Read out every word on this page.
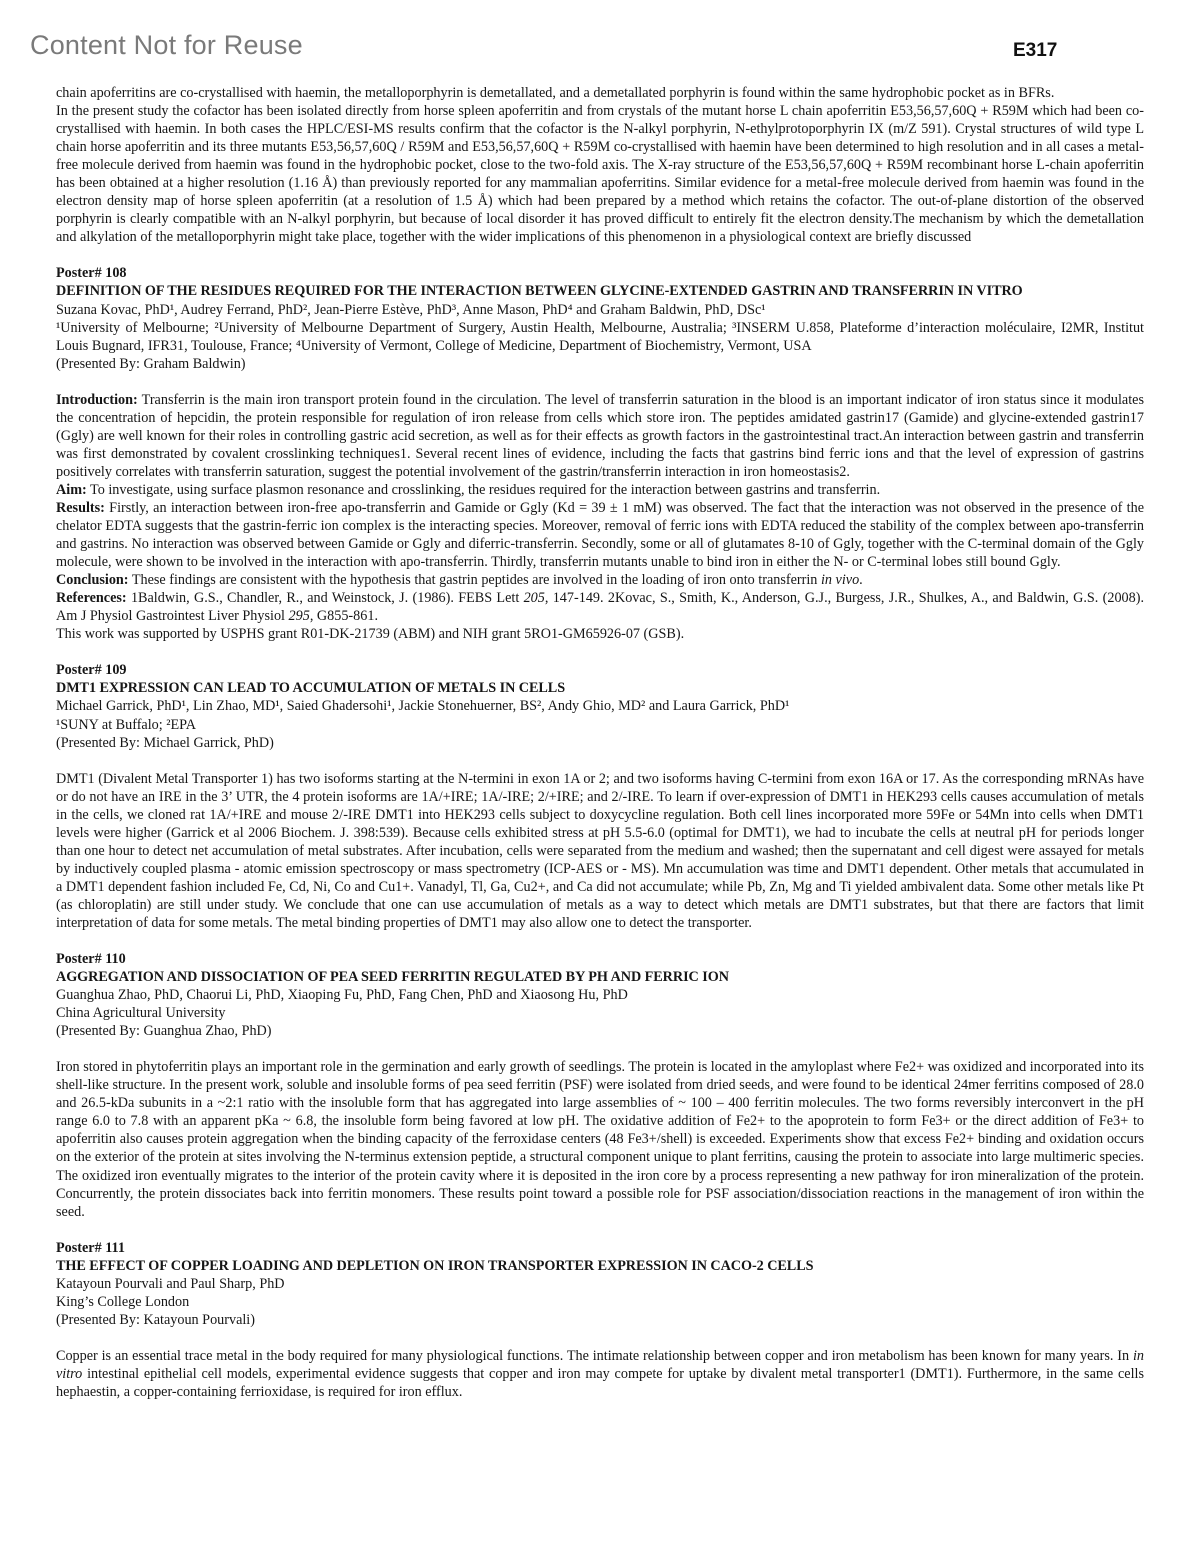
Content Not for Reuse	E317

chain apoferritins are co-crystallised with haemin, the metalloporphyrin is demetallated, and a demetallated porphyrin is found within the same hydrophobic pocket as in BFRs.

In the present study the cofactor has been isolated directly from horse spleen apoferritin and from crystals of the mutant horse L chain apoferritin E53,56,57,60Q + R59M which had been co-crystallised with haemin. In both cases the HPLC/ESI-MS results confirm that the cofactor is the N-alkyl porphyrin, N-ethylprotoporphyrin IX (m/Z 591). Crystal structures of wild type L chain horse apoferritin and its three mutants E53,56,57,60Q / R59M and E53,56,57,60Q + R59M co-crystallised with haemin have been determined to high resolution and in all cases a metal-free molecule derived from haemin was found in the hydrophobic pocket, close to the two-fold axis. The X-ray structure of the E53,56,57,60Q + R59M recombinant horse L-chain apoferritin has been obtained at a higher resolution (1.16 Å) than previously reported for any mammalian apoferritins. Similar evidence for a metal-free molecule derived from haemin was found in the electron density map of horse spleen apoferritin (at a resolution of 1.5 Å) which had been prepared by a method which retains the cofactor. The out-of-plane distortion of the observed porphyrin is clearly compatible with an N-alkyl porphyrin, but because of local disorder it has proved difficult to entirely fit the electron density.The mechanism by which the demetallation and alkylation of the metalloporphyrin might take place, together with the wider implications of this phenomenon in a physiological context are briefly discussed

Poster# 108

DEFINITION OF THE RESIDUES REQUIRED FOR THE INTERACTION BETWEEN GLYCINE-EXTENDED GASTRIN AND TRANSFERRIN IN VITRO

Suzana Kovac, PhD¹, Audrey Ferrand, PhD², Jean-Pierre Estève, PhD³, Anne Mason, PhD⁴ and Graham Baldwin, PhD, DSc¹

¹University of Melbourne; ²University of Melbourne Department of Surgery, Austin Health, Melbourne, Australia; ³INSERM U.858, Plateforme d’interaction moléculaire, I2MR, Institut Louis Bugnard, IFR31, Toulouse, France; ⁴University of Vermont, College of Medicine, Department of Biochemistry, Vermont, USA

(Presented By: Graham Baldwin)

Introduction: Transferrin is the main iron transport protein found in the circulation. The level of transferrin saturation in the blood is an important indicator of iron status since it modulates the concentration of hepcidin, the protein responsible for regulation of iron release from cells which store iron. The peptides amidated gastrin17 (Gamide) and glycine-extended gastrin17 (Ggly) are well known for their roles in controlling gastric acid secretion, as well as for their effects as growth factors in the gastrointestinal tract.An interaction between gastrin and transferrin was first demonstrated by covalent crosslinking techniques1. Several recent lines of evidence, including the facts that gastrins bind ferric ions and that the level of expression of gastrins positively correlates with transferrin saturation, suggest the potential involvement of the gastrin/transferrin interaction in iron homeostasis2.

Aim: To investigate, using surface plasmon resonance and crosslinking, the residues required for the interaction between gastrins and transferrin.

Results: Firstly, an interaction between iron-free apo-transferrin and Gamide or Ggly (Kd = 39 ± 1 mM) was observed. The fact that the interaction was not observed in the presence of the chelator EDTA suggests that the gastrin-ferric ion complex is the interacting species. Moreover, removal of ferric ions with EDTA reduced the stability of the complex between apo-transferrin and gastrins. No interaction was observed between Gamide or Ggly and diferric-transferrin. Secondly, some or all of glutamates 8-10 of Ggly, together with the C-terminal domain of the Ggly molecule, were shown to be involved in the interaction with apo-transferrin. Thirdly, transferrin mutants unable to bind iron in either the N- or C-terminal lobes still bound Ggly.

Conclusion: These findings are consistent with the hypothesis that gastrin peptides are involved in the loading of iron onto transferrin in vivo.

References: 1Baldwin, G.S., Chandler, R., and Weinstock, J. (1986). FEBS Lett 205, 147-149. 2Kovac, S., Smith, K., Anderson, G.J., Burgess, J.R., Shulkes, A., and Baldwin, G.S. (2008). Am J Physiol Gastrointest Liver Physiol 295, G855-861.

This work was supported by USPHS grant R01-DK-21739 (ABM) and NIH grant 5RO1-GM65926-07 (GSB).

Poster# 109

DMT1 EXPRESSION CAN LEAD TO ACCUMULATION OF METALS IN CELLS

Michael Garrick, PhD¹, Lin Zhao, MD¹, Saied Ghadersohi¹, Jackie Stonehuerner, BS², Andy Ghio, MD² and Laura Garrick, PhD¹

¹SUNY at Buffalo; ²EPA

(Presented By: Michael Garrick, PhD)

DMT1 (Divalent Metal Transporter 1) has two isoforms starting at the N-termini in exon 1A or 2; and two isoforms having C-termini from exon 16A or 17. As the corresponding mRNAs have or do not have an IRE in the 3’ UTR, the 4 protein isoforms are 1A/+IRE; 1A/-IRE; 2/+IRE; and 2/-IRE. To learn if over-expression of DMT1 in HEK293 cells causes accumulation of metals in the cells, we cloned rat 1A/+IRE and mouse 2/-IRE DMT1 into HEK293 cells subject to doxycycline regulation. Both cell lines incorporated more 59Fe or 54Mn into cells when DMT1 levels were higher (Garrick et al 2006 Biochem. J. 398:539). Because cells exhibited stress at pH 5.5-6.0 (optimal for DMT1), we had to incubate the cells at neutral pH for periods longer than one hour to detect net accumulation of metal substrates. After incubation, cells were separated from the medium and washed; then the supernatant and cell digest were assayed for metals by inductively coupled plasma - atomic emission spectroscopy or mass spectrometry (ICP-AES or - MS). Mn accumulation was time and DMT1 dependent. Other metals that accumulated in a DMT1 dependent fashion included Fe, Cd, Ni, Co and Cu1+. Vanadyl, Tl, Ga, Cu2+, and Ca did not accumulate; while Pb, Zn, Mg and Ti yielded ambivalent data. Some other metals like Pt (as chloroplatin) are still under study. We conclude that one can use accumulation of metals as a way to detect which metals are DMT1 substrates, but that there are factors that limit interpretation of data for some metals. The metal binding properties of DMT1 may also allow one to detect the transporter.

Poster# 110

AGGREGATION AND DISSOCIATION OF PEA SEED FERRITIN REGULATED BY PH AND FERRIC ION

Guanghua Zhao, PhD, Chaorui Li, PhD, Xiaoping Fu, PhD, Fang Chen, PhD and Xiaosong Hu, PhD

China Agricultural University

(Presented By: Guanghua Zhao, PhD)

Iron stored in phytoferritin plays an important role in the germination and early growth of seedlings. The protein is located in the amyloplast where Fe2+ was oxidized and incorporated into its shell-like structure. In the present work, soluble and insoluble forms of pea seed ferritin (PSF) were isolated from dried seeds, and were found to be identical 24mer ferritins composed of 28.0 and 26.5-kDa subunits in a ~2:1 ratio with the insoluble form that has aggregated into large assemblies of ~ 100 – 400 ferritin molecules. The two forms reversibly interconvert in the pH range 6.0 to 7.8 with an apparent pKa ~ 6.8, the insoluble form being favored at low pH. The oxidative addition of Fe2+ to the apoprotein to form Fe3+ or the direct addition of Fe3+ to apoferritin also causes protein aggregation when the binding capacity of the ferroxidase centers (48 Fe3+/shell) is exceeded. Experiments show that excess Fe2+ binding and oxidation occurs on the exterior of the protein at sites involving the N-terminus extension peptide, a structural component unique to plant ferritins, causing the protein to associate into large multimeric species. The oxidized iron eventually migrates to the interior of the protein cavity where it is deposited in the iron core by a process representing a new pathway for iron mineralization of the protein. Concurrently, the protein dissociates back into ferritin monomers. These results point toward a possible role for PSF association/dissociation reactions in the management of iron within the seed.

Poster# 111

THE EFFECT OF COPPER LOADING AND DEPLETION ON IRON TRANSPORTER EXPRESSION IN CACO-2 CELLS

Katayoun Pourvali and Paul Sharp, PhD

King’s College London

(Presented By: Katayoun Pourvali)

Copper is an essential trace metal in the body required for many physiological functions. The intimate relationship between copper and iron metabolism has been known for many years. In in vitro intestinal epithelial cell models, experimental evidence suggests that copper and iron may compete for uptake by divalent metal transporter1 (DMT1). Furthermore, in the same cells hephaestin, a copper-containing ferrioxidase, is required for iron efflux.
